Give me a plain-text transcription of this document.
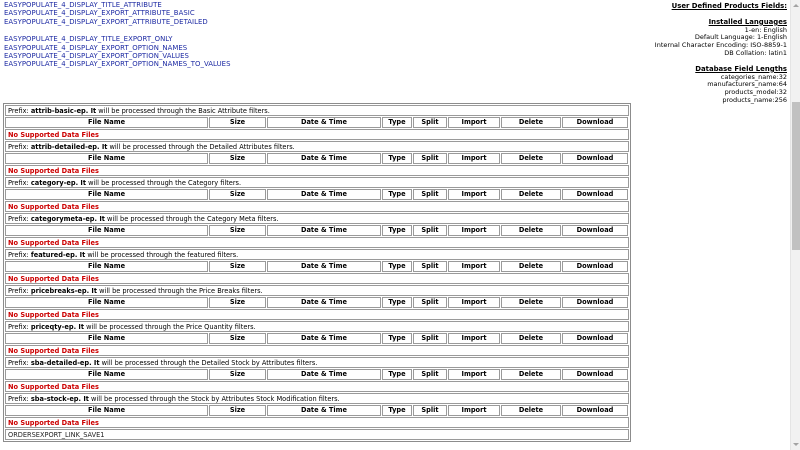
EASYPOPULATE_4_DISPLAY_TITLE_ATTRIBUTE
EASYPOPULATE_4_DISPLAY_EXPORT_ATTRIBUTE_BASIC
EASYPOPULATE_4_DISPLAY_EXPORT_ATTRIBUTE_DETAILED
EASYPOPULATE_4_DISPLAY_TITLE_EXPORT_ONLY
EASYPOPULATE_4_DISPLAY_EXPORT_OPTION_NAMES
EASYPOPULATE_4_DISPLAY_EXPORT_OPTION_VALUES
EASYPOPULATE_4_DISPLAY_EXPORT_OPTION_NAMES_TO_VALUES
User Defined Products Fields:
Installed Languages
1-en: English
Default Language: 1-English
Internal Character Encoding: ISO-8859-1
DB Collation: latin1
Database Field Lengths
categories_name:32
manufacturers_name:64
products_model:32
products_name:256
Prefix: attrib-basic-ep. It will be processed through the Basic Attribute filters.
File Name	Size	Date & Time	Type	Split	Import	Delete	Download
No Supported Data Files
Prefix: attrib-detailed-ep. It will be processed through the Detailed Attributes filters.
File Name	Size	Date & Time	Type	Split	Import	Delete	Download
No Supported Data Files
Prefix: category-ep. It will be processed through the Category filters.
File Name	Size	Date & Time	Type	Split	Import	Delete	Download
No Supported Data Files
Prefix: categorymeta-ep. It will be processed through the Category Meta filters.
File Name	Size	Date & Time	Type	Split	Import	Delete	Download
No Supported Data Files
Prefix: featured-ep. It will be processed through the featured filters.
File Name	Size	Date & Time	Type	Split	Import	Delete	Download
No Supported Data Files
Prefix: pricebreaks-ep. It will be processed through the Price Breaks filters.
File Name	Size	Date & Time	Type	Split	Import	Delete	Download
No Supported Data Files
Prefix: priceqty-ep. It will be processed through the Price Quantity filters.
File Name	Size	Date & Time	Type	Split	Import	Delete	Download
No Supported Data Files
Prefix: sba-detailed-ep. It will be processed through the Detailed Stock by Attributes filters.
File Name	Size	Date & Time	Type	Split	Import	Delete	Download
No Supported Data Files
Prefix: sba-stock-ep. It will be processed through the Stock by Attributes Stock Modification filters.
File Name	Size	Date & Time	Type	Split	Import	Delete	Download
No Supported Data Files
ORDERSEXPORT_LINK_SAVE1
